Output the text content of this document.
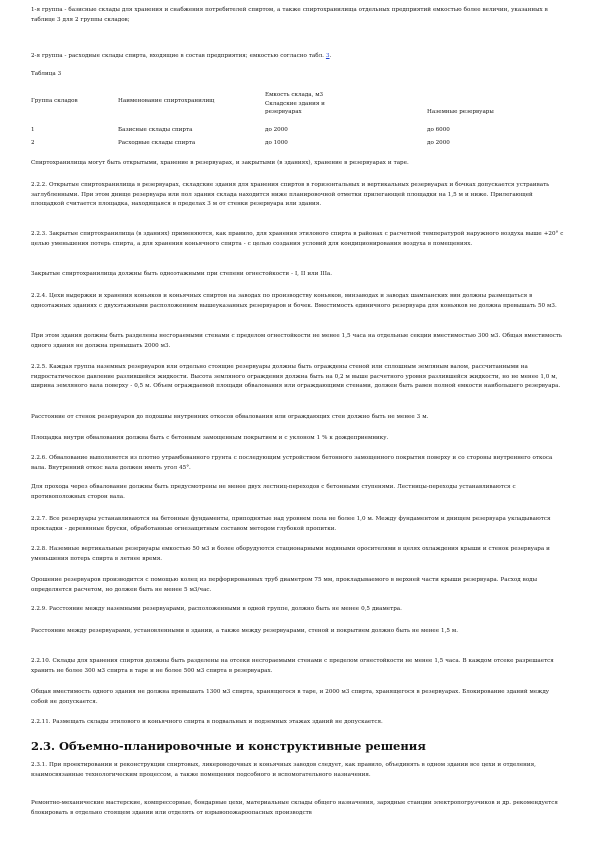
1-я группа - базисные склады для хранения и снабжения потребителей спиртом, а также спиртохранилища отдельных предприятий емкостью более величин, указанных в таблице 3 для 2 группы складов;

2-я группа - расходные склады спирта, входящие в состав предприятия; емкостью согласно табл. 3.

Таблица 3

Емкость склада, м3
Группа складов	Наименование спиртохранилищ	Складские здания и резервуарах	Наземные резервуары
1	Базисные склады спирта	до 2000	до 6000
2	Расходные склады спирта	до 1000	до 2000

Спиртохранилища могут быть открытыми, хранение в резервуарах, и закрытыми (в зданиях), хранение в резервуарах и таре.

2.2.2. Открытые спиртохранилища в резервуарах, складские здания для хранения спиртов в горизонтальных и вертикальных резервуарах и бочках допускается устраивать заглубленными. При этом днище резервуара или пол здания склада находится ниже планировочной отметки прилегающей площадки на 1,5 м и ниже. Прилегающей площадкой считается площадка, находящаяся в пределах 3 м от стенки резервуара или здания.

2.2.3. Закрытые спиртохранилища (в зданиях) применяются, как правило, для хранения этилового спирта в районах с расчетной температурой наружного воздуха выше +20° с целью уменьшения потерь спирта, а для хранения коньячного спирта - с целью создания условий для кондиционирования воздуха в помещениях.

Закрытые спиртохранилища должны быть одноэтажными при степени огнестойкости - I, II или IIIа.

2.2.4. Цехи выдержки и хранения коньяков и коньячных спиртов на заводах по производству коньяков, винзаводах и заводах шампанских вин должны размещаться в одноэтажных зданиях с двухэтажными расположением вышеуказанных резервуаров и бочек. Вместимость единичного резервуара для коньяков не должна превышать 50 м3.

При этом здания должны быть разделены несгораемыми стенами с пределом огнестойкости не менее 1,5 часа на отдельные секции вместимостью 300 м3. Общая вместимость одного здания не должна превышать 2000 м3.

2.2.5. Каждая группа наземных резервуаров или отдельно стоящие резервуары должны быть ограждены стеной или сплошным земляным валом, рассчитанными на гидростатическое давление разлившейся жидкости. Высота земляного ограждения должна быть на 0,2 м выше расчетного уровня разлившейся жидкости, но не менее 1,0 м, ширина земляного вала поверху - 0,5 м. Объем ограждаемой площади обвалования или ограждающими стенами, должен быть равен полной емкости наибольшего резервуара.

Расстояние от стенок резервуаров до подошвы внутренних откосов обвалования или ограждающих стен должно быть не менее 3 м.

Площадка внутри обвалования должна быть с бетонным замощенным покрытием и с уклоном 1 % к дождеприемнику.

2.2.6. Обвалование выполняется из плотно утрамбованного грунта с последующим устройством бетонного замощенного покрытия поверху и со стороны внутреннего откоса вала. Внутренний откос вала должен иметь угол 45°.

Для прохода через обвалование должны быть предусмотрены не менее двух лестниц-переходов с бетонными ступенями. Лестницы-переходы устанавливаются с противоположных сторон вала.

2.2.7. Все резервуары устанавливаются на бетонные фундаменты, приподнятые над уровнем пола не более 1,0 м. Между фундаментом и днищем резервуара укладываются прокладки - деревянные бруски, обработанные огнезащитным составом методом глубокой пропитки.

2.2.8. Наземные вертикальные резервуары емкостью 50 м3 и более оборудуются стационарными водяными оросителями в целях охлаждения крыши и стенок резервуара и уменьшения потерь спирта в летнее время.

Орошение резервуаров производится с помощью колец из перфорированных труб диаметром 75 мм, прокладываемого в верхней части крыши резервуара. Расход воды определяется расчетом, но должен быть не менее 5 м3/час.

2.2.9. Расстояние между наземными резервуарами, расположенными в одной группе, должно быть не менее 0,5 диаметра.

Расстояние между резервуарами, установленными в здании, а также между резервуарами, стеной и покрытием должно быть не менее 1,5 м.

2.2.10. Склады для хранения спиртов должны быть разделены на отсеки несгораемыми стенами с пределом огнестойкости не менее 1,5 часа. В каждом отсеке разрешается хранить не более 300 м3 спирта в таре и не более 500 м3 спирта в резервуарах.

Общая вместимость одного здания не должна превышать 1300 м3 спирта, хранящегося в таре, и 2000 м3 спирта, хранящегося в резервуарах. Блокирование зданий между собой не допускается.

2.2.11. Размещать склады этилового и коньячного спирта в подвальных и подземных этажах зданий не допускается.

2.3. Объемно-планировочные и конструктивные решения

2.3.1. При проектировании и реконструкции спиртовых, ликероводочных и коньячных заводов следует, как правило, объединять в одном здании все цехи и отделения, взаимосвязанные технологическим процессом, а также помещения подсобного и вспомогательного назначения.

Ремонтно-механические мастерские, компрессорные, бондарные цехи, материальные склады общего назначения, зарядные станции электропогрузчиков и др. рекомендуется блокировать в отдельно стоящем здании или отделять от взрывопожароопасных производств
